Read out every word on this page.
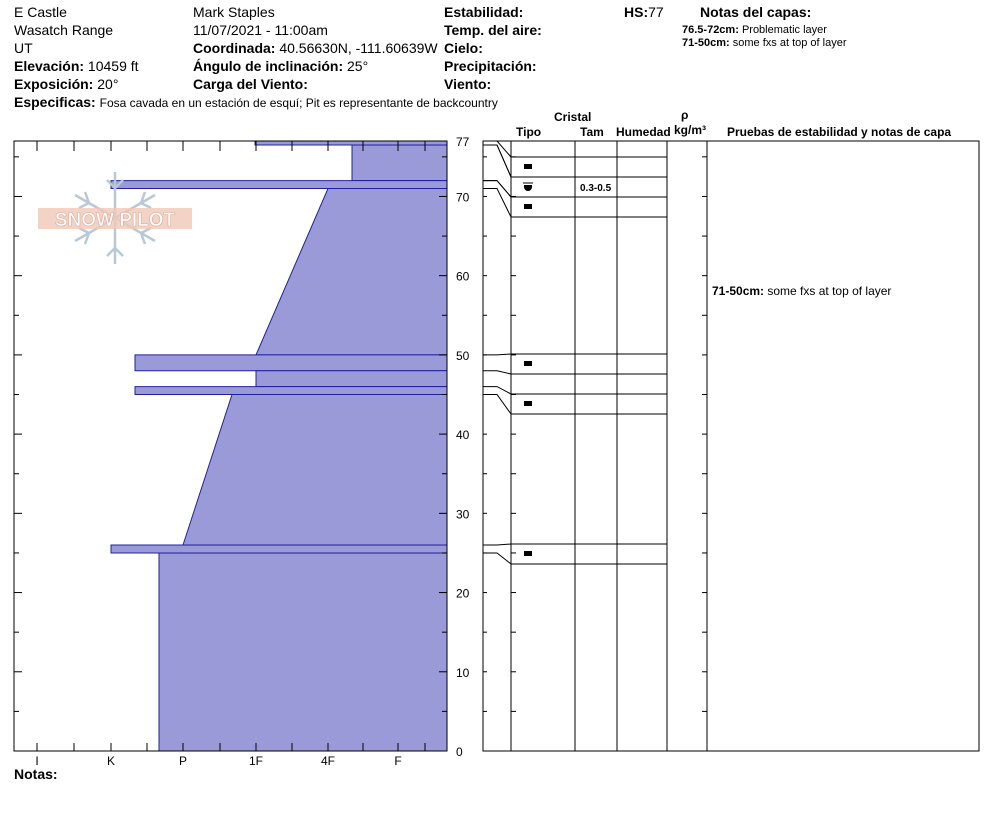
E Castle
Wasatch Range
UT
Elevación: 10459 ft
Exposición: 20°
Especificas: Fosa cavada en un estación de esquí; Pit es representante de backcountry
Mark Staples
11/07/2021 - 11:00am
Coordinada: 40.56630N, -111.60639W
Ángulo de inclinación: 25°
Carga del Viento:
Estabilidad:
Temp. del aire:
Cielo:
Precipitación:
Viento:
HS:77	Notas del capas:
76.5-72cm: Problematic layer
71-50cm: some fxs at top of layer
Cristal
Tipo	Tam Humedad
ρ
kg/m³ Pruebas de estabilidad y notas de capa
71-50cm: some fxs at top of layer
Notas:
0
10
20
30
40
50
60
70
77
I	K	P	1F	4F	F
0.3-0.5
SNOW PILOT
